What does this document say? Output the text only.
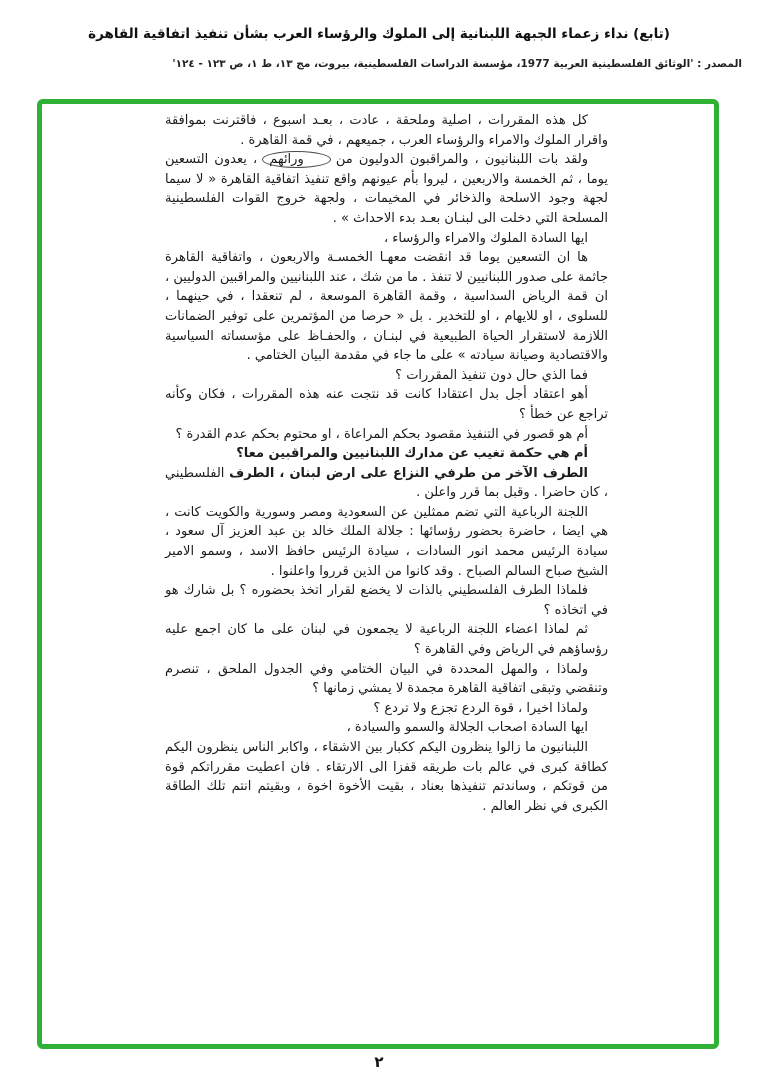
(تابع) نداء زعماء الجبهة اللبنانية إلى الملوك والرؤساء العرب بشأن تنفيذ اتفاقية القاهرة
المصدر : 'الوثائق الفلسطينية العربية 1977، مؤسسة الدراسات الفلسطينية، بيروت، مج ١٣، ط ١، ص ١٢٣ - ١٢٤'

كل هذه المقررات ، اصلية وملحقة ، عادت ، بعـد اسبوع ، فاقترنت بموافقة واقرار الملوك والامراء والرؤساء العرب ، جميعهم ، في قمة القاهرة .

ولقد بات اللبنانيون ، والمراقبون الدوليون من ورائهم ، يعدون التسعين يوما ، ثم الخمسة والاربعين ، ليروا بأم عيونهم واقع تنفيذ اتفاقية القاهرة « لا سيما لجهة وجود الاسلحة والذخائر في المخيمات ، ولجهة خروج القوات الفلسطينية المسلحة التي دخلت الى لبنـان بعـد بدء الاحداث » .

ايها السادة الملوك والامراء والرؤساء ،

ها ان التسعين يوما قد انقضت معهـا الخمسـة والاربعون ، واتفاقية القاهرة جاثمة على صدور اللبنانيين لا تنفذ . ما من شك ، عند اللبنانيين والمراقبين الدوليين ، ان قمة الرياض السداسية ، وقمة القاهرة الموسعة ، لم تنعقدا ، في حينهما ، للسلوى ، او للايهام ، او للتخدير . بل « حرصا من المؤتمرين على توفير الضمانات اللازمة لاستقرار الحياة الطبيعية في لبنـان ، والحفـاظ على مؤسساته السياسية والاقتصادية وصيانة سيادته » على ما جاء في مقدمة البيان الختامي .

فما الذي حال دون تنفيذ المقررات ؟

أهو اعتقاد أجل بدل اعتقادا كانت قد نتجت عنه هذه المقررات ، فكان وكأنه تراجع عن خطأ ؟

أم هو قصور في التنفيذ مقصود بحكم المراعاة ، او محتوم بحكم عدم القدرة ؟

أم هي حكمة تغيب عن مدارك اللبنانيين والمراقبين معا؟

الطرف الآخر من طرفي النزاع على ارض لبنان ، الطرف الفلسطيني ، كان حاضرا . وقبل بما قرر واعلن .

اللجنة الرباعية التي تضم ممثلين عن السعودية ومصر وسورية والكويت كانت ، هي ايضا ، حاضرة بحضور رؤسائها : جلالة الملك خالد بن عبد العزيز آل سعود ، سيادة الرئيس محمد انور السادات ، سيادة الرئيس حافظ الاسد ، وسمو الامير الشيخ صباح السالم الصباح . وقد كانوا من الذين قرروا واعلنوا .

فلماذا الطرف الفلسطيني بالذات لا يخضع لقرار اتخذ بحضوره ؟ بل شارك هو في اتخاذه ؟

ثم لماذا اعضاء اللجنة الرباعية لا يجمعون في لبنان على ما كان اجمع عليه رؤساؤهم في الرياض وفي القاهرة ؟

ولماذا ، والمهل المحددة في البيان الختامي وفي الجدول الملحق ، تنصرم وتنقضي وتبقى اتفاقية القاهرة مجمدة لا يمشي زمانها ؟

ولماذا اخيرا ، قوة الردع تجزع ولا تردع ؟

ايها السادة اصحاب الجلالة والسمو والسيادة ،

اللبنانيون ما زالوا ينظرون اليكم ككبار بين الاشقاء ، واكابر الناس ينظرون اليكم كطاقة كبرى في عالم بات طريقه قفزا الى الارتقاء . فان اعطيت مقرراتكم قوة من قوتكم ، وساندتم تنفيذها بعناد ، بقيت الأخوة اخوة ، وبقيتم انتم تلك الطاقة الكبرى في نظر العالم .

٢
